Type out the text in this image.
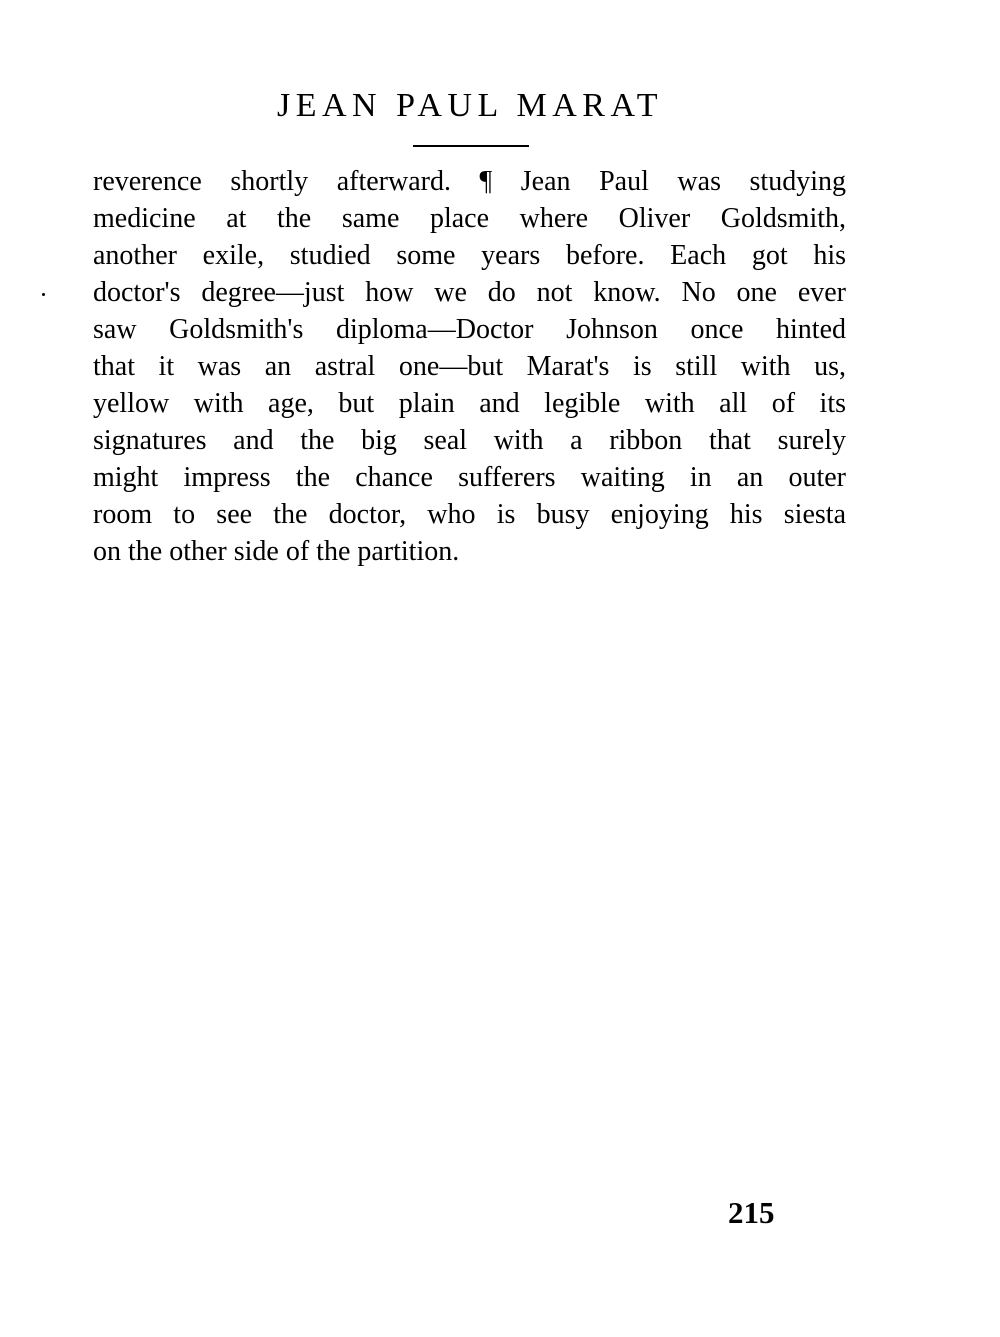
JEAN PAUL MARAT
reverence shortly afterward. ¶ Jean Paul was studying
medicine at the same place where Oliver Goldsmith,
another exile, studied some years before. Each got his
doctor's degree—just how we do not know. No one ever
saw Goldsmith's diploma—Doctor Johnson once hinted
that it was an astral one—but Marat's is still with us,
yellow with age, but plain and legible with all of its
signatures and the big seal with a ribbon that surely
might impress the chance sufferers waiting in an outer
room to see the doctor, who is busy enjoying his siesta
on the other side of the partition.
215
